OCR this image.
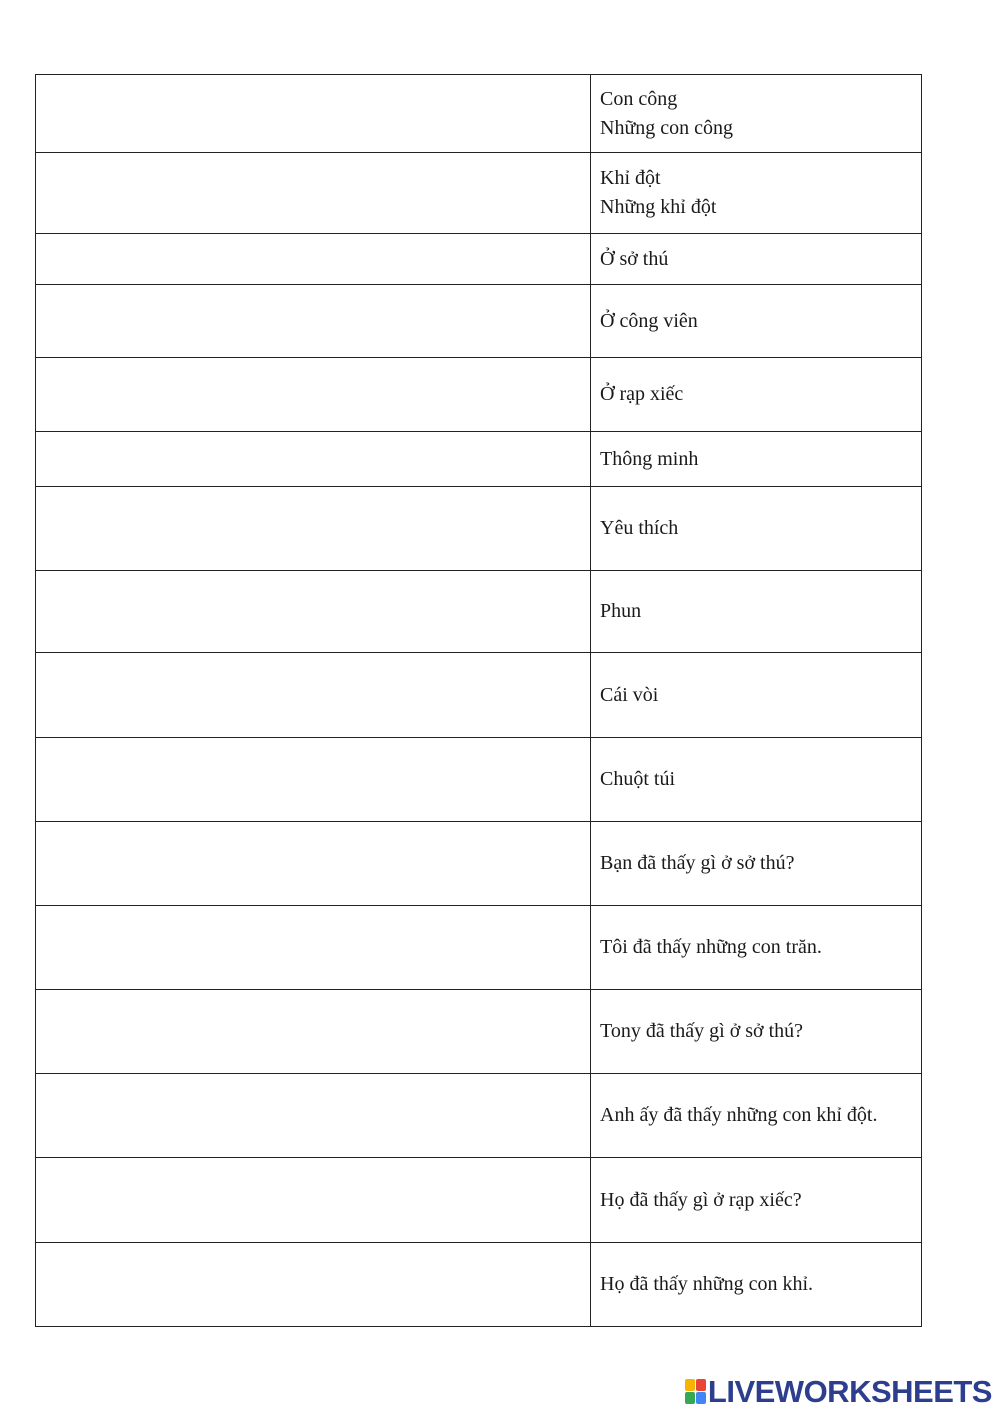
	Con công
Những con công

	Khỉ đột
Những khỉ đột

	Ở sở thú

	Ở công viên

	Ở rạp xiếc

	Thông minh

	Yêu thích

	Phun

	Cái vòi

	Chuột túi

	Bạn đã thấy gì ở sở thú?

	Tôi đã thấy những con trăn.

	Tony đã thấy gì ở sở thú?

	Anh ấy đã thấy những con khỉ đột.

	Họ đã thấy gì ở rạp xiếc?

	Họ đã thấy những con khỉ.
LIVEWORKSHEETS
